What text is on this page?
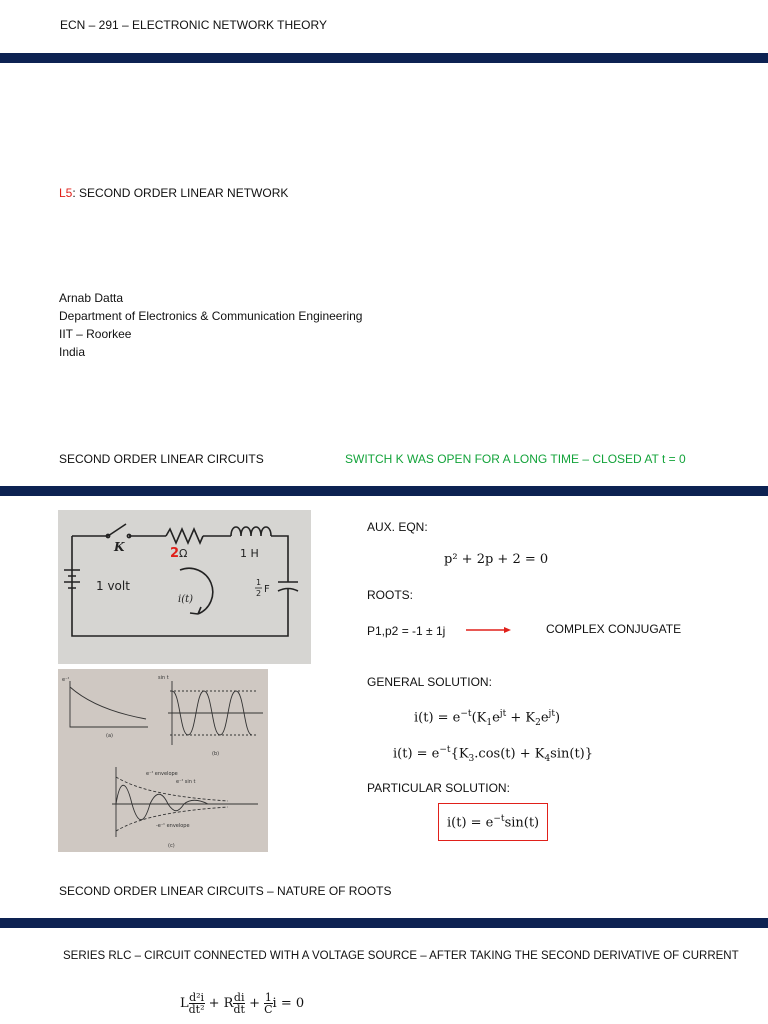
ECN – 291 – ELECTRONIC NETWORK THEORY
L5: SECOND ORDER LINEAR NETWORK
Arnab Datta
Department of Electronics & Communication Engineering
IIT – Roorkee
India
SECOND ORDER LINEAR CIRCUITS	SWITCH K WAS OPEN FOR A LONG TIME – CLOSED AT t = 0
K	2 Ω	1 H
1 volt
i(t)
1
2 F
e⁻ᵗ	sin t
(a)
(b)
(c)
e⁻ᵗ envelope
e⁻ᵗ sin t
-e⁻ᵗ envelope
AUX. EQN:
p² + 2p + 2 = 0
ROOTS:
P1,p2 = -1 ± 1j	COMPLEX CONJUGATE
GENERAL SOLUTION:
$i(t) = e^{-t}(K_1e^{jt} + K_2e^{jt})$
$i(t) = e^{-t}\{K_3.\cos(t) + K_4\sin(t)\}$
PARTICULAR SOLUTION:
$i(t) = e^{-t}\sin(t)$
SECOND ORDER LINEAR CIRCUITS – NATURE OF ROOTS
SERIES RLC – CIRCUIT CONNECTED WITH A VOLTAGE SOURCE – AFTER TAKING THE SECOND DERIVATIVE OF CURRENT
L $\frac{\text{d²i}}{\text{dt²}} + R \frac{di}{dt} + \frac{1}{C}$ i = 0
